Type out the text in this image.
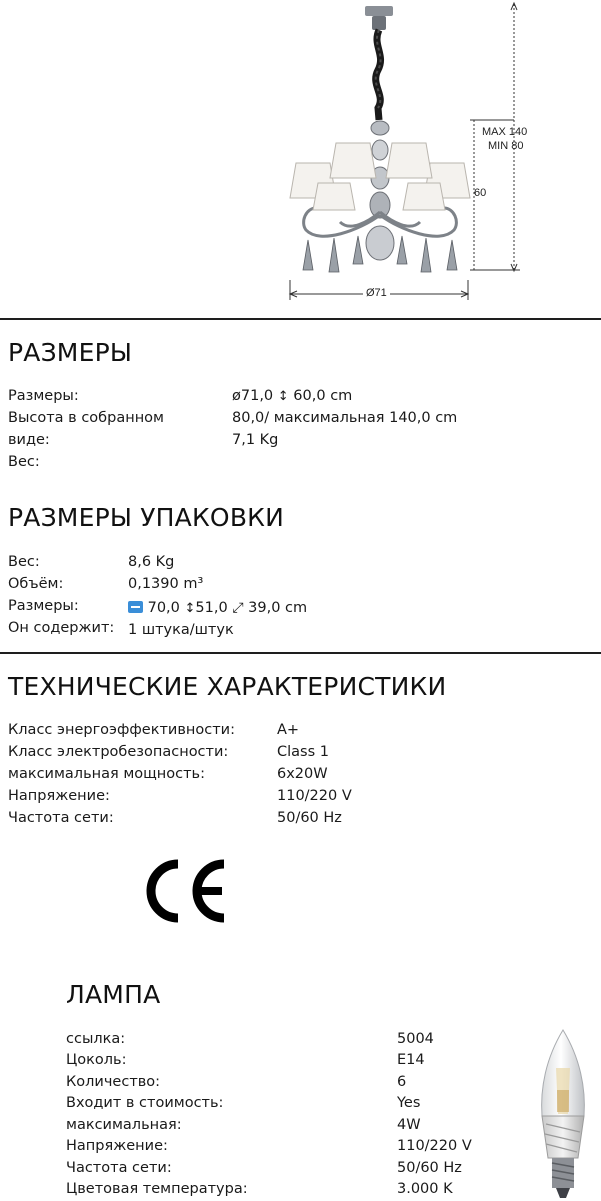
MAX 140
MIN 80
60
Ø71
РАЗМЕРЫ
Размеры:
Высота в собранном
виде:
Вес:
ø71,0 ↕ 60,0 cm
80,0/ максимальная 140,0 cm
7,1 Kg
РАЗМЕРЫ УПАКОВКИ
Вес:
Объём:
Размеры:
Он содержит:
8,6 Kg
0,1390 m³
70,0 ↕51,0 ⤢ 39,0 cm
1 штука/штук
ТЕХНИЧЕСКИЕ ХАРАКТЕРИСТИКИ
Класс энергоэффективности:
Класс электробезопасности:
максимальная мощность:
Напряжение:
Частота сети:
A+
Class 1
6x20W
110/220 V
50/60 Hz
ЛАМПА
ссылка:
Цоколь:
Количество:
Входит в стоимость:
максимальная:
Напряжение:
Частота сети:
Цветовая температура:
5004
E14
6
Yes
4W
110/220 V
50/60 Hz
3.000 K
